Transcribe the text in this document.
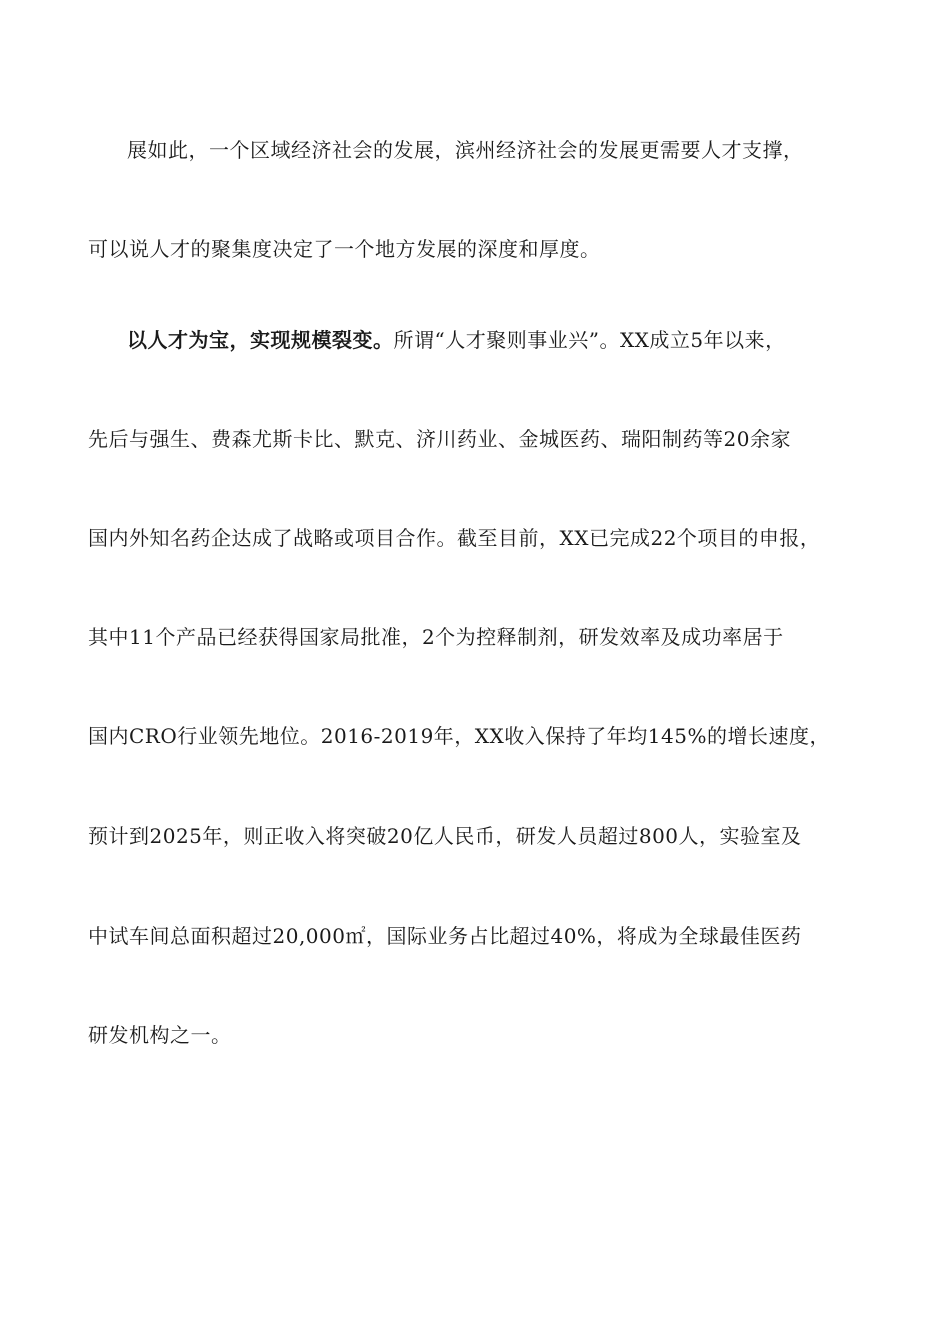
展如此，一个区域经济社会的发展，滨州经济社会的发展更需要人才支撑，
可以说人才的聚集度决定了一个地方发展的深度和厚度。
以人才为宝，实现规模裂变。所谓“人才聚则事业兴”。XX成立5年以来，
先后与强生、费森尤斯卡比、默克、济川药业、金城医药、瑞阳制药等20余家
国内外知名药企达成了战略或项目合作。截至目前，XX已完成22个项目的申报，
其中11个产品已经获得国家局批准，2个为控释制剂，研发效率及成功率居于
国内CRO行业领先地位。2016-2019年，XX收入保持了年均145%的增长速度，
预计到2025年，则正收入将突破20亿人民币，研发人员超过800人，实验室及
中试车间总面积超过20,000㎡，国际业务占比超过40%，将成为全球最佳医药
研发机构之一。
